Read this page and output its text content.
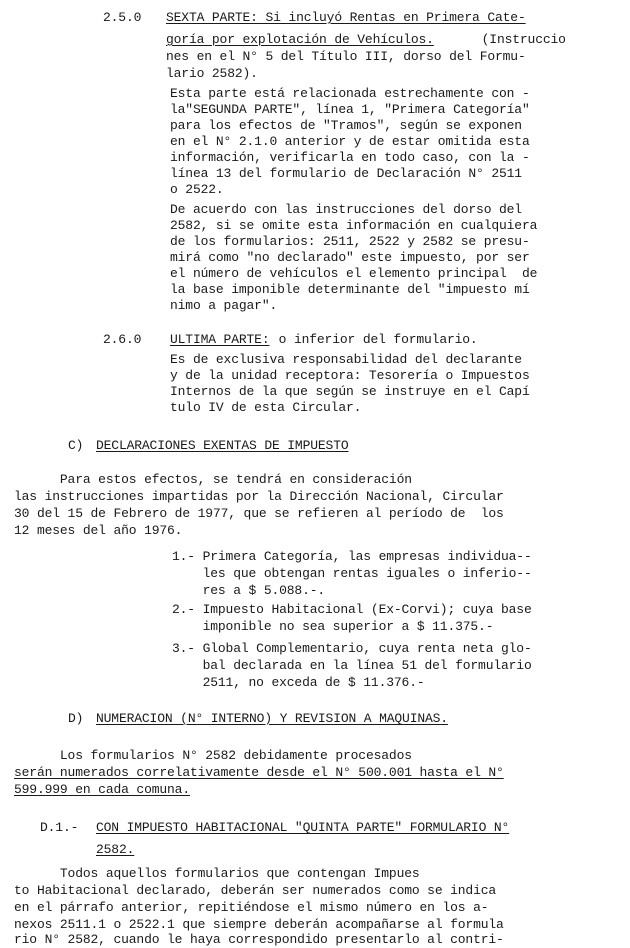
2.5.0 SEXTA PARTE: Si incluyó Rentas en Primera Cate-
goría por explotación de Vehículos.	(Instruccio
nes en el N° 5 del Título III, dorso del Formu-
lario 2582).
Esta parte está relacionada estrechamente con -
la"SEGUNDA PARTE", línea 1, "Primera Categoría"
para los efectos de "Tramos", según se exponen
en el N° 2.1.0 anterior y de estar omitida esta
información, verificarla en todo caso, con la -
línea 13 del formulario de Declaración N° 2511
o 2522.
De acuerdo con las instrucciones del dorso del
2582, si se omite esta información en cualquiera
de los formularios: 2511, 2522 y 2582 se presu-
mirá como "no declarado" este impuesto, por ser
el número de vehículos el elemento principal  de
la base imponible determinante del "impuesto mí
nimo a pagar".
2.6.0 ULTIMA PARTE: o inferior del formulario.
Es de exclusiva responsabilidad del declarante
y de la unidad receptora: Tesorería o Impuestos
Internos de la que según se instruye en el Capí
tulo IV de esta Circular.
C) DECLARACIONES EXENTAS DE IMPUESTO
Para estos efectos, se tendrá en consideración
las instrucciones impartidas por la Dirección Nacional, Circular
30 del 15 de Febrero de 1977, que se refieren al período de  los
12 meses del año 1976.
1.- Primera Categoría, las empresas individua--
les que obtengan rentas iguales o inferio--
res a $ 5.088.-.
2.- Impuesto Habitacional (Ex-Corvi); cuya base
imponible no sea superior a $ 11.375.-
3.- Global Complementario, cuya renta neta glo-
bal declarada en la línea 51 del formulario
2511, no exceda de $ 11.376.-
D) NUMERACION (N° INTERNO) Y REVISION A MAQUINAS.
Los formularios N° 2582 debidamente procesados
serán numerados correlativamente desde el N° 500.001 hasta el N°
599.999 en cada comuna.
D.1.- CON IMPUESTO HABITACIONAL "QUINTA PARTE" FORMULARIO N°
2582.
Todos aquellos formularios que contengan Impues
to Habitacional declarado, deberán ser numerados como se indica
en el párrafo anterior, repitiéndose el mismo número en los a-
nexos 2511.1 o 2522.1 que siempre deberán acompañarse al formula
rio N° 2582, cuando le haya correspondido presentarlo al contri-
